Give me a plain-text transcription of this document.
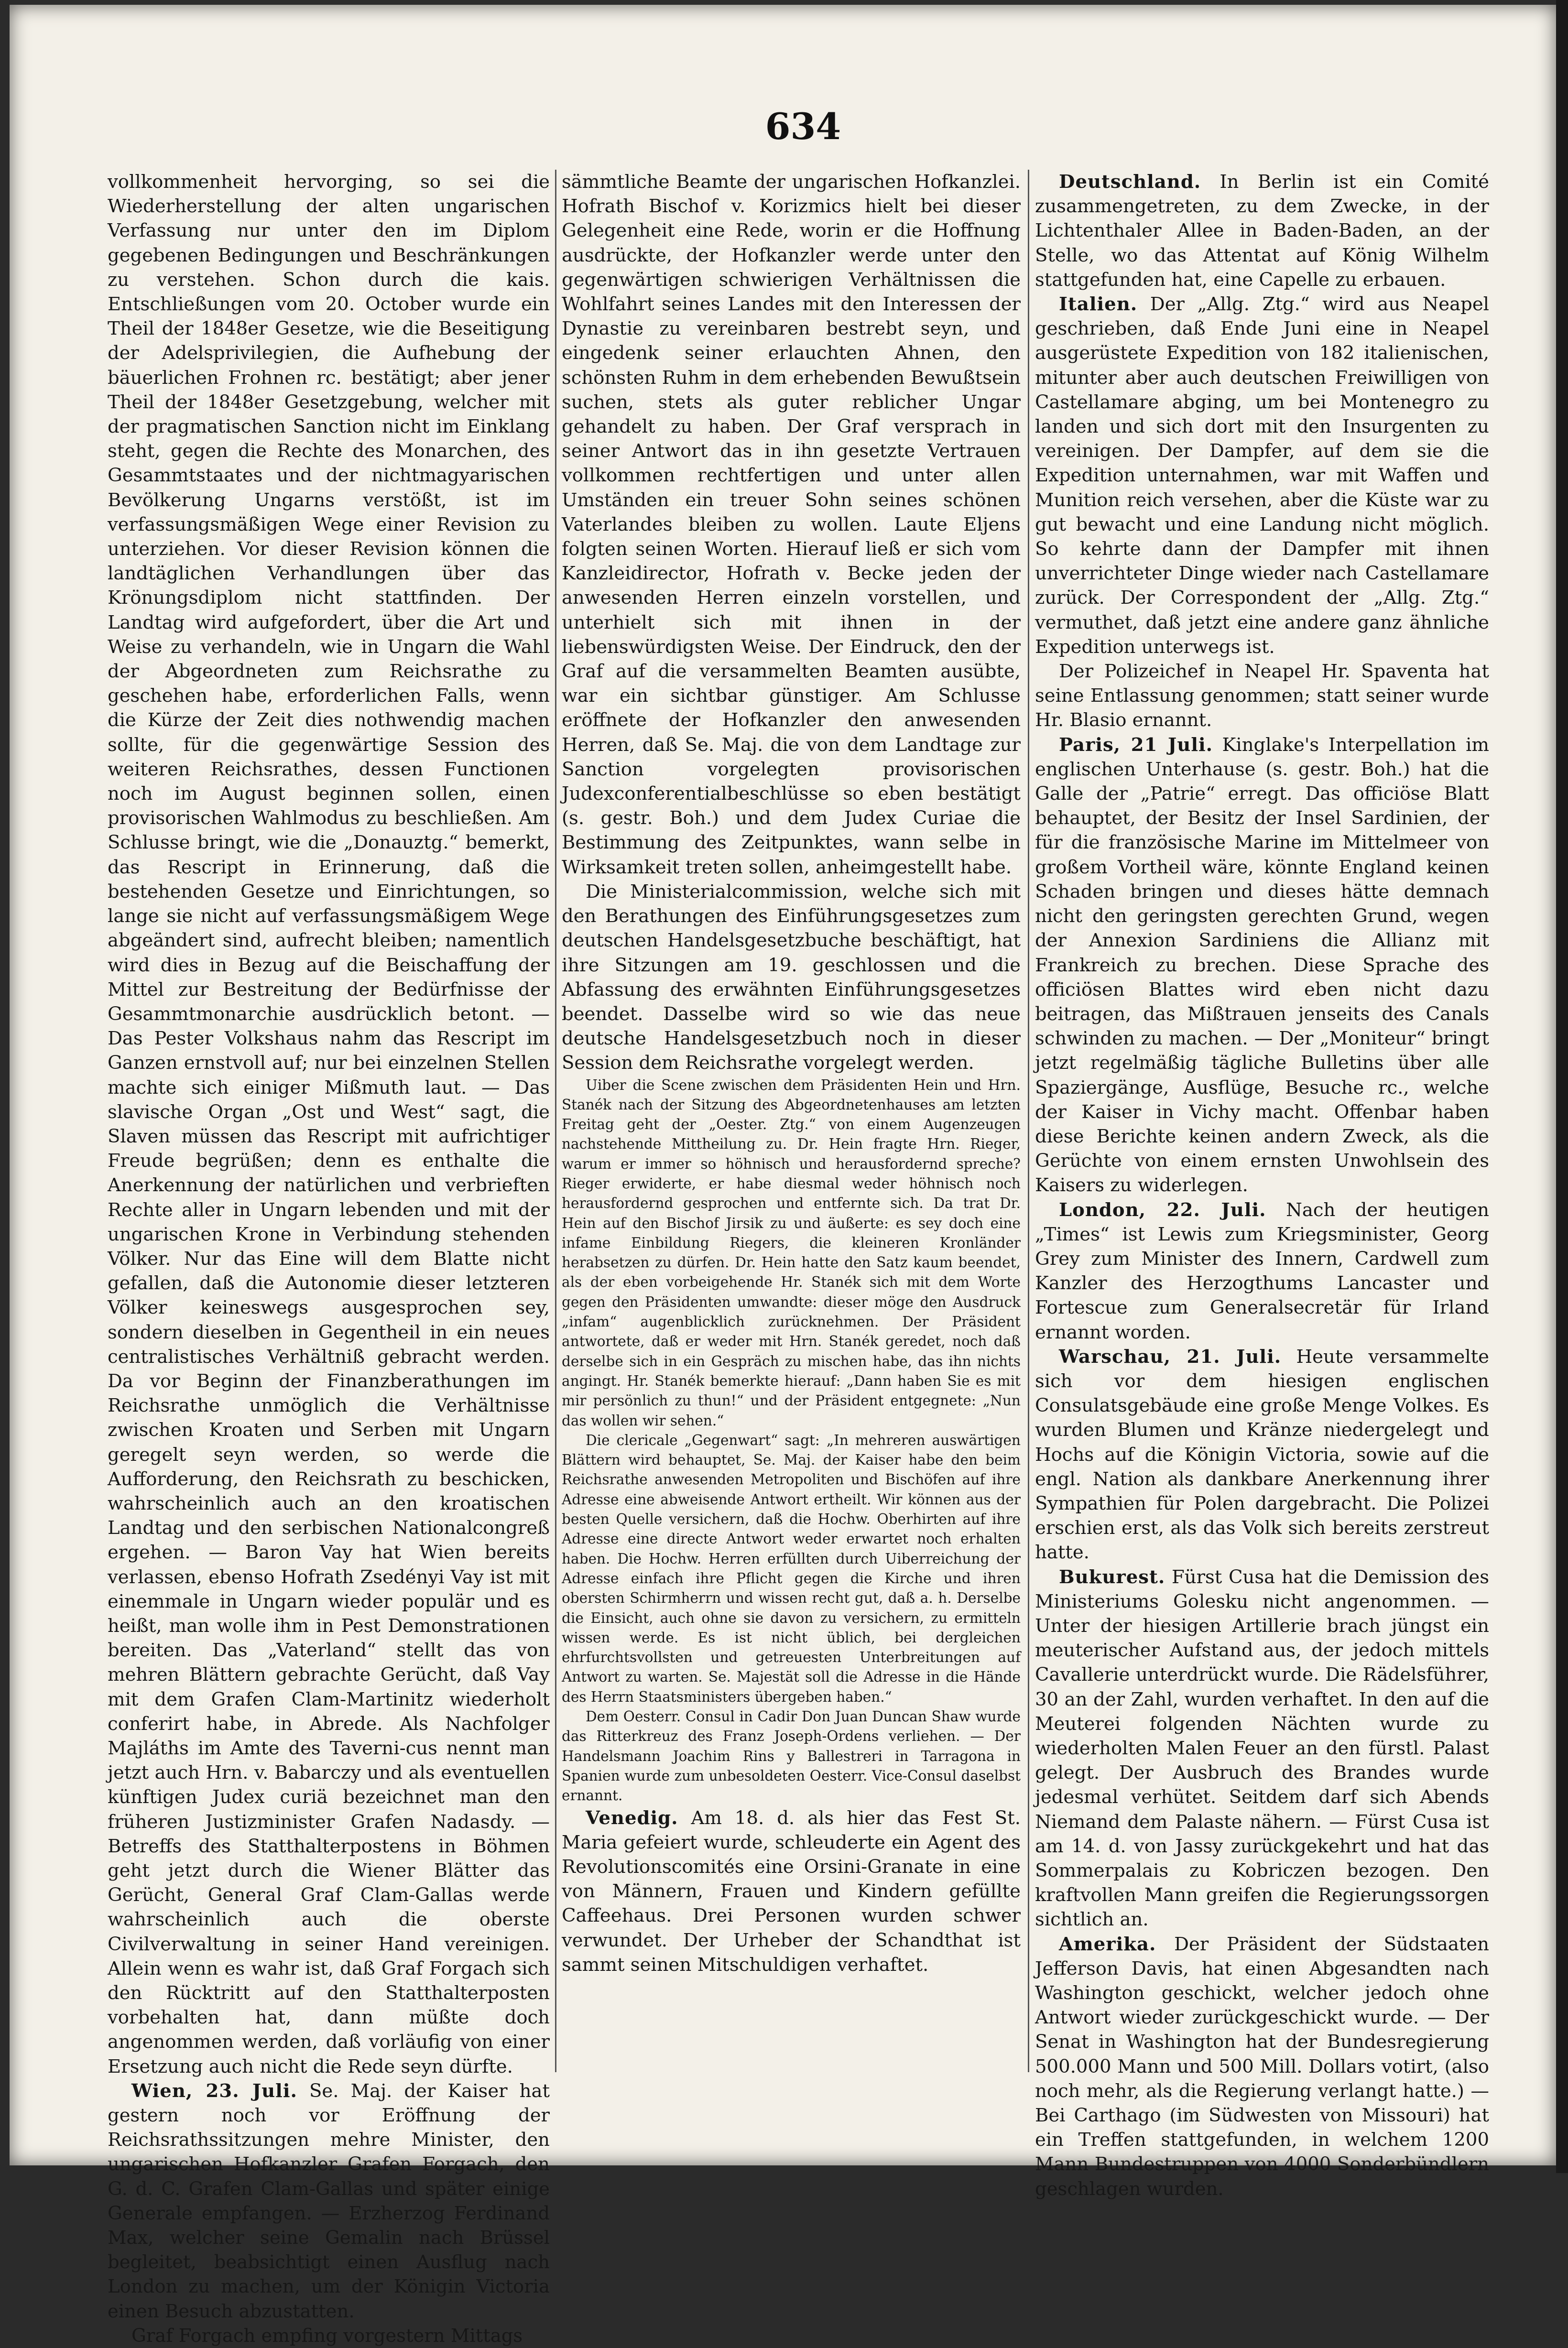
634

vollkommenheit hervorging, so sei die Wiederherstellung der alten ungarischen Verfassung nur unter den im Diplom gegebenen Bedingungen und Beschränkungen zu verstehen. Schon durch die kais. Entschließungen vom 20. October wurde ein Theil der 1848er Gesetze, wie die Beseitigung der Adelsprivilegien, die Aufhebung der bäuerlichen Frohnen rc. bestätigt; aber jener Theil der 1848er Gesetzgebung, welcher mit der pragmatischen Sanction nicht im Einklang steht, gegen die Rechte des Monarchen, des Gesammtstaates und der nichtmagyarischen Bevölkerung Ungarns verstößt, ist im verfassungsmäßigen Wege einer Revision zu unterziehen. Vor dieser Revision können die landtäglichen Verhandlungen über das Krönungsdiplom nicht stattfinden. Der Landtag wird aufgefordert, über die Art und Weise zu verhandeln, wie in Ungarn die Wahl der Abgeordneten zum Reichsrathe zu geschehen habe, erforderlichen Falls, wenn die Kürze der Zeit dies nothwendig machen sollte, für die gegenwärtige Session des weiteren Reichsrathes, dessen Functionen noch im August beginnen sollen, einen provisorischen Wahlmodus zu beschließen. Am Schlusse bringt, wie die „Donauztg.“ bemerkt, das Rescript in Erinnerung, daß die bestehenden Gesetze und Einrichtungen, so lange sie nicht auf verfassungsmäßigem Wege abgeändert sind, aufrecht bleiben; namentlich wird dies in Bezug auf die Beischaffung der Mittel zur Bestreitung der Bedürfnisse der Gesammtmonarchie ausdrücklich betont. — Das Pester Volkshaus nahm das Rescript im Ganzen ernstvoll auf; nur bei einzelnen Stellen machte sich einiger Mißmuth laut. — Das slavische Organ „Ost und West“ sagt, die Slaven müssen das Rescript mit aufrichtiger Freude begrüßen; denn es enthalte die Anerkennung der natürlichen und verbrieften Rechte aller in Ungarn lebenden und mit der ungarischen Krone in Verbindung stehenden Völker. Nur das Eine will dem Blatte nicht gefallen, daß die Autonomie dieser letzteren Völker keineswegs ausgesprochen sey, sondern dieselben in Gegentheil in ein neues centralistisches Verhältniß gebracht werden. Da vor Beginn der Finanzberathungen im Reichsrathe unmöglich die Verhältnisse zwischen Kroaten und Serben mit Ungarn geregelt seyn werden, so werde die Aufforderung, den Reichsrath zu beschicken, wahrscheinlich auch an den kroatischen Landtag und den serbischen Nationalcongreß ergehen. — Baron Vay hat Wien bereits verlassen, ebenso Hofrath Zsedényi Vay ist mit einemmale in Ungarn wieder populär und es heißt, man wolle ihm in Pest Demonstrationen bereiten. Das „Vaterland“ stellt das von mehren Blättern gebrachte Gerücht, daß Vay mit dem Grafen Clam-Martinitz wiederholt conferirt habe, in Abrede. Als Nachfolger Majláths im Amte des Taverni-cus nennt man jetzt auch Hrn. v. Babarczy und als eventuellen künftigen Judex curiä bezeichnet man den früheren Justizminister Grafen Nadasdy. — Betreffs des Statthalterpostens in Böhmen geht jetzt durch die Wiener Blätter das Gerücht, General Graf Clam-Gallas werde wahrscheinlich auch die oberste Civilverwaltung in seiner Hand vereinigen. Allein wenn es wahr ist, daß Graf Forgach sich den Rücktritt auf den Statthalterposten vorbehalten hat, dann müßte doch angenommen werden, daß vorläufig von einer Ersetzung auch nicht die Rede seyn dürfte.

Wien, 23. Juli. Se. Maj. der Kaiser hat gestern noch vor Eröffnung der Reichsrathssitzungen mehre Minister, den ungarischen Hofkanzler Grafen Forgach, den G. d. C. Grafen Clam-Gallas und später einige Generale empfangen. — Erzherzog Ferdinand Max, welcher seine Gemalin nach Brüssel begleitet, beabsichtigt einen Ausflug nach London zu machen, um der Königin Victoria einen Besuch abzustatten.

Graf Forgach empfing vorgestern Mittags

sämmtliche Beamte der ungarischen Hofkanzlei. Hofrath Bischof v. Korizmics hielt bei dieser Gelegenheit eine Rede, worin er die Hoffnung ausdrückte, der Hofkanzler werde unter den gegenwärtigen schwierigen Verhältnissen die Wohlfahrt seines Landes mit den Interessen der Dynastie zu vereinbaren bestrebt seyn, und eingedenk seiner erlauchten Ahnen, den schönsten Ruhm in dem erhebenden Bewußtsein suchen, stets als guter reblicher Ungar gehandelt zu haben. Der Graf versprach in seiner Antwort das in ihn gesetzte Vertrauen vollkommen rechtfertigen und unter allen Umständen ein treuer Sohn seines schönen Vaterlandes bleiben zu wollen. Laute Eljens folgten seinen Worten. Hierauf ließ er sich vom Kanzleidirector, Hofrath v. Becke jeden der anwesenden Herren einzeln vorstellen, und unterhielt sich mit ihnen in der liebenswürdigsten Weise. Der Eindruck, den der Graf auf die versammelten Beamten ausübte, war ein sichtbar günstiger. Am Schlusse eröffnete der Hofkanzler den anwesenden Herren, daß Se. Maj. die von dem Landtage zur Sanction vorgelegten provisorischen Judexconferentialbeschlüsse so eben bestätigt (s. gestr. Boh.) und dem Judex Curiae die Bestimmung des Zeitpunktes, wann selbe in Wirksamkeit treten sollen, anheimgestellt habe.

Die Ministerialcommission, welche sich mit den Berathungen des Einführungsgesetzes zum deutschen Handelsgesetzbuche beschäftigt, hat ihre Sitzungen am 19. geschlossen und die Abfassung des erwähnten Einführungsgesetzes beendet. Dasselbe wird so wie das neue deutsche Handelsgesetzbuch noch in dieser Session dem Reichsrathe vorgelegt werden.

Uiber die Scene zwischen dem Präsidenten Hein und Hrn. Stanék nach der Sitzung des Abgeordnetenhauses am letzten Freitag geht der „Oester. Ztg.“ von einem Augenzeugen nachstehende Mittheilung zu. Dr. Hein fragte Hrn. Rieger, warum er immer so höhnisch und herausfordernd spreche? Rieger erwiderte, er habe diesmal weder höhnisch noch herausfordernd gesprochen und entfernte sich. Da trat Dr. Hein auf den Bischof Jirsik zu und äußerte: es sey doch eine infame Einbildung Riegers, die kleineren Kronländer herabsetzen zu dürfen. Dr. Hein hatte den Satz kaum beendet, als der eben vorbeigehende Hr. Stanék sich mit dem Worte gegen den Präsidenten umwandte: dieser möge den Ausdruck „infam“ augenblicklich zurücknehmen. Der Präsident antwortete, daß er weder mit Hrn. Stanék geredet, noch daß derselbe sich in ein Gespräch zu mischen habe, das ihn nichts angingt. Hr. Stanék bemerkte hierauf: „Dann haben Sie es mit mir persönlich zu thun!“ und der Präsident entgegnete: „Nun das wollen wir sehen.“

Die clericale „Gegenwart“ sagt: „In mehreren auswärtigen Blättern wird behauptet, Se. Maj. der Kaiser habe den beim Reichsrathe anwesenden Metropoliten und Bischöfen auf ihre Adresse eine abweisende Antwort ertheilt. Wir können aus der besten Quelle versichern, daß die Hochw. Oberhirten auf ihre Adresse eine directe Antwort weder erwartet noch erhalten haben. Die Hochw. Herren erfüllten durch Uiberreichung der Adresse einfach ihre Pflicht gegen die Kirche und ihren obersten Schirmherrn und wissen recht gut, daß a. h. Derselbe die Einsicht, auch ohne sie davon zu versichern, zu ermitteln wissen werde. Es ist nicht üblich, bei dergleichen ehrfurchtsvollsten und getreuesten Unterbreitungen auf Antwort zu warten. Se. Majestät soll die Adresse in die Hände des Herrn Staatsministers übergeben haben.“

Dem Oesterr. Consul in Cadir Don Juan Duncan Shaw wurde das Ritterkreuz des Franz Joseph-Ordens verliehen. — Der Handelsmann Joachim Rins y Ballestreri in Tarragona in Spanien wurde zum unbesoldeten Oesterr. Vice-Consul daselbst ernannt.

Venedig. Am 18. d. als hier das Fest St. Maria gefeiert wurde, schleuderte ein Agent des Revolutionscomités eine Orsini-Granate in eine von Männern, Frauen und Kindern gefüllte Caffeehaus. Drei Personen wurden schwer verwundet. Der Urheber der Schandthat ist sammt seinen Mitschuldigen verhaftet.

Deutschland. In Berlin ist ein Comité zusammengetreten, zu dem Zwecke, in der Lichtenthaler Allee in Baden-Baden, an der Stelle, wo das Attentat auf König Wilhelm stattgefunden hat, eine Capelle zu erbauen.

Italien. Der „Allg. Ztg.“ wird aus Neapel geschrieben, daß Ende Juni eine in Neapel ausgerüstete Expedition von 182 italienischen, mitunter aber auch deutschen Freiwilligen von Castellamare abging, um bei Montenegro zu landen und sich dort mit den Insurgenten zu vereinigen. Der Dampfer, auf dem sie die Expedition unternahmen, war mit Waffen und Munition reich versehen, aber die Küste war zu gut bewacht und eine Landung nicht möglich. So kehrte dann der Dampfer mit ihnen unverrichteter Dinge wieder nach Castellamare zurück. Der Correspondent der „Allg. Ztg.“ vermuthet, daß jetzt eine andere ganz ähnliche Expedition unterwegs ist.

Der Polizeichef in Neapel Hr. Spaventa hat seine Entlassung genommen; statt seiner wurde Hr. Blasio ernannt.

Paris, 21 Juli. Kinglake's Interpellation im englischen Unterhause (s. gestr. Boh.) hat die Galle der „Patrie“ erregt. Das officiöse Blatt behauptet, der Besitz der Insel Sardinien, der für die französische Marine im Mittelmeer von großem Vortheil wäre, könnte England keinen Schaden bringen und dieses hätte demnach nicht den geringsten gerechten Grund, wegen der Annexion Sardiniens die Allianz mit Frankreich zu brechen. Diese Sprache des officiösen Blattes wird eben nicht dazu beitragen, das Mißtrauen jenseits des Canals schwinden zu machen. — Der „Moniteur“ bringt jetzt regelmäßig tägliche Bulletins über alle Spaziergänge, Ausflüge, Besuche rc., welche der Kaiser in Vichy macht. Offenbar haben diese Berichte keinen andern Zweck, als die Gerüchte von einem ernsten Unwohlsein des Kaisers zu widerlegen.

London, 22. Juli. Nach der heutigen „Times“ ist Lewis zum Kriegsminister, Georg Grey zum Minister des Innern, Cardwell zum Kanzler des Herzogthums Lancaster und Fortescue zum Generalsecretär für Irland ernannt worden.

Warschau, 21. Juli. Heute versammelte sich vor dem hiesigen englischen Consulatsgebäude eine große Menge Volkes. Es wurden Blumen und Kränze niedergelegt und Hochs auf die Königin Victoria, sowie auf die engl. Nation als dankbare Anerkennung ihrer Sympathien für Polen dargebracht. Die Polizei erschien erst, als das Volk sich bereits zerstreut hatte.

Bukurest. Fürst Cusa hat die Demission des Ministeriums Golesku nicht angenommen. — Unter der hiesigen Artillerie brach jüngst ein meuterischer Aufstand aus, der jedoch mittels Cavallerie unterdrückt wurde. Die Rädelsführer, 30 an der Zahl, wurden verhaftet. In den auf die Meuterei folgenden Nächten wurde zu wiederholten Malen Feuer an den fürstl. Palast gelegt. Der Ausbruch des Brandes wurde jedesmal verhütet. Seitdem darf sich Abends Niemand dem Palaste nähern. — Fürst Cusa ist am 14. d. von Jassy zurückgekehrt und hat das Sommerpalais zu Kobriczen bezogen. Den kraftvollen Mann greifen die Regierungssorgen sichtlich an.

Amerika. Der Präsident der Südstaaten Jefferson Davis, hat einen Abgesandten nach Washington geschickt, welcher jedoch ohne Antwort wieder zurückgeschickt wurde. — Der Senat in Washington hat der Bundesregierung 500.000 Mann und 500 Mill. Dollars votirt, (also noch mehr, als die Regierung verlangt hatte.) — Bei Carthago (im Südwesten von Missouri) hat ein Treffen stattgefunden, in welchem 1200 Mann Bundestruppen von 4000 Sonderbündlern geschlagen wurden.
